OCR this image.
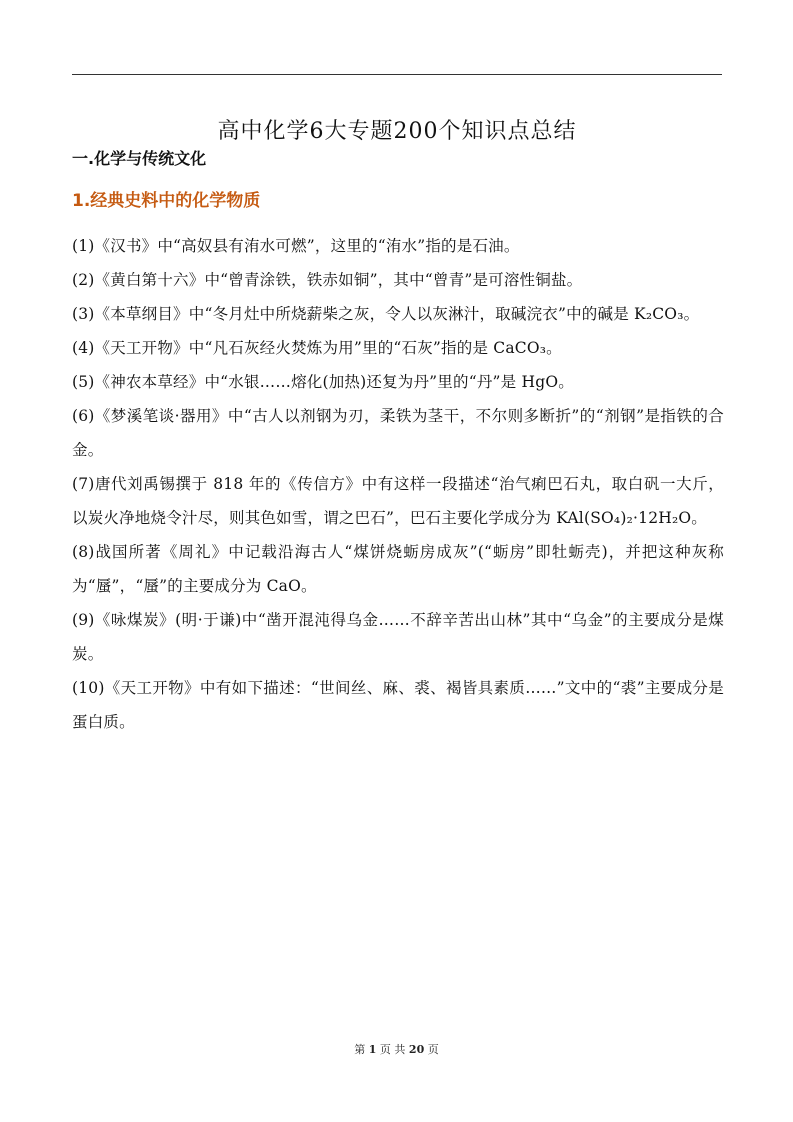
高中化学6大专题200个知识点总结
一.化学与传统文化
1.经典史料中的化学物质

(1)《汉书》中“高奴县有洧水可燃”，这里的“洧水”指的是石油。

(2)《黄白第十六》中“曾青涂铁，铁赤如铜”，其中“曾青”是可溶性铜盐。

(3)《本草纲目》中“冬月灶中所烧薪柴之灰，令人以灰淋汁，取碱浣衣”中的碱是 K₂CO₃。

(4)《天工开物》中“凡石灰经火焚炼为用”里的“石灰”指的是 CaCO₃。

(5)《神农本草经》中“水银……熔化(加热)还复为丹”里的“丹”是 HgO。

(6)《梦溪笔谈·器用》中“古人以剂钢为刃，柔铁为茎干，不尔则多断折”的“剂钢”是指铁的合金。

(7)唐代刘禹锡撰于 818 年的《传信方》中有这样一段描述“治气痢巴石丸，取白矾一大斤，以炭火净地烧令汁尽，则其色如雪，谓之巴石”，巴石主要化学成分为 KAl(SO₄)₂·12H₂O。

(8)战国所著《周礼》中记载沿海古人“煤饼烧蛎房成灰”(“蛎房”即牡蛎壳)，并把这种灰称为“蜃”，“蜃”的主要成分为 CaO。

(9)《咏煤炭》(明·于谦)中“凿开混沌得乌金……不辞辛苦出山林”其中“乌金”的主要成分是煤炭。

(10)《天工开物》中有如下描述：“世间丝、麻、裘、褐皆具素质……”文中的“裘”主要成分是蛋白质。

第 1 页 共 20 页
